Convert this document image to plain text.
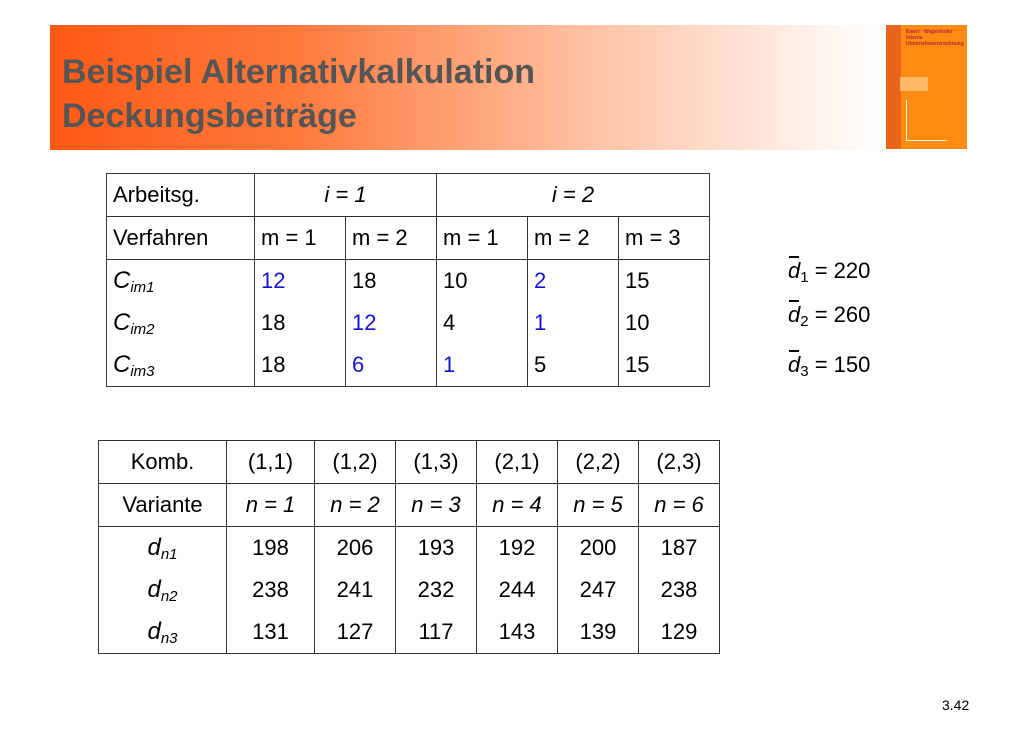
Beispiel Alternativkalkulation
Deckungsbeiträge
Ewert · Wagenhofer
Interne
Unternehmensrechnung
Arbeitsg.	i = 1		i = 2		
Verfahren	m = 1	m = 2	m = 1	m = 2	m = 3
$C_{im1}$	12	18	10	2	15
$C_{im2}$	18	12	4	1	10
$C_{im3}$	18	6	1	5	15
$d_1 = 220$
$d_2 = 260$
$d_3 = 150$
Komb.	(1,1)	(1,2)	(1,3)	(2,1)	(2,2)	(2,3)
Variante	n = 1	n = 2	n = 3	n = 4	n = 5	n = 6
$d_{n1}$	198	206	193	192	200	187
$d_{n2}$	238	241	232	244	247	238
$d_{n3}$	131	127	117	143	139	129
3.42
